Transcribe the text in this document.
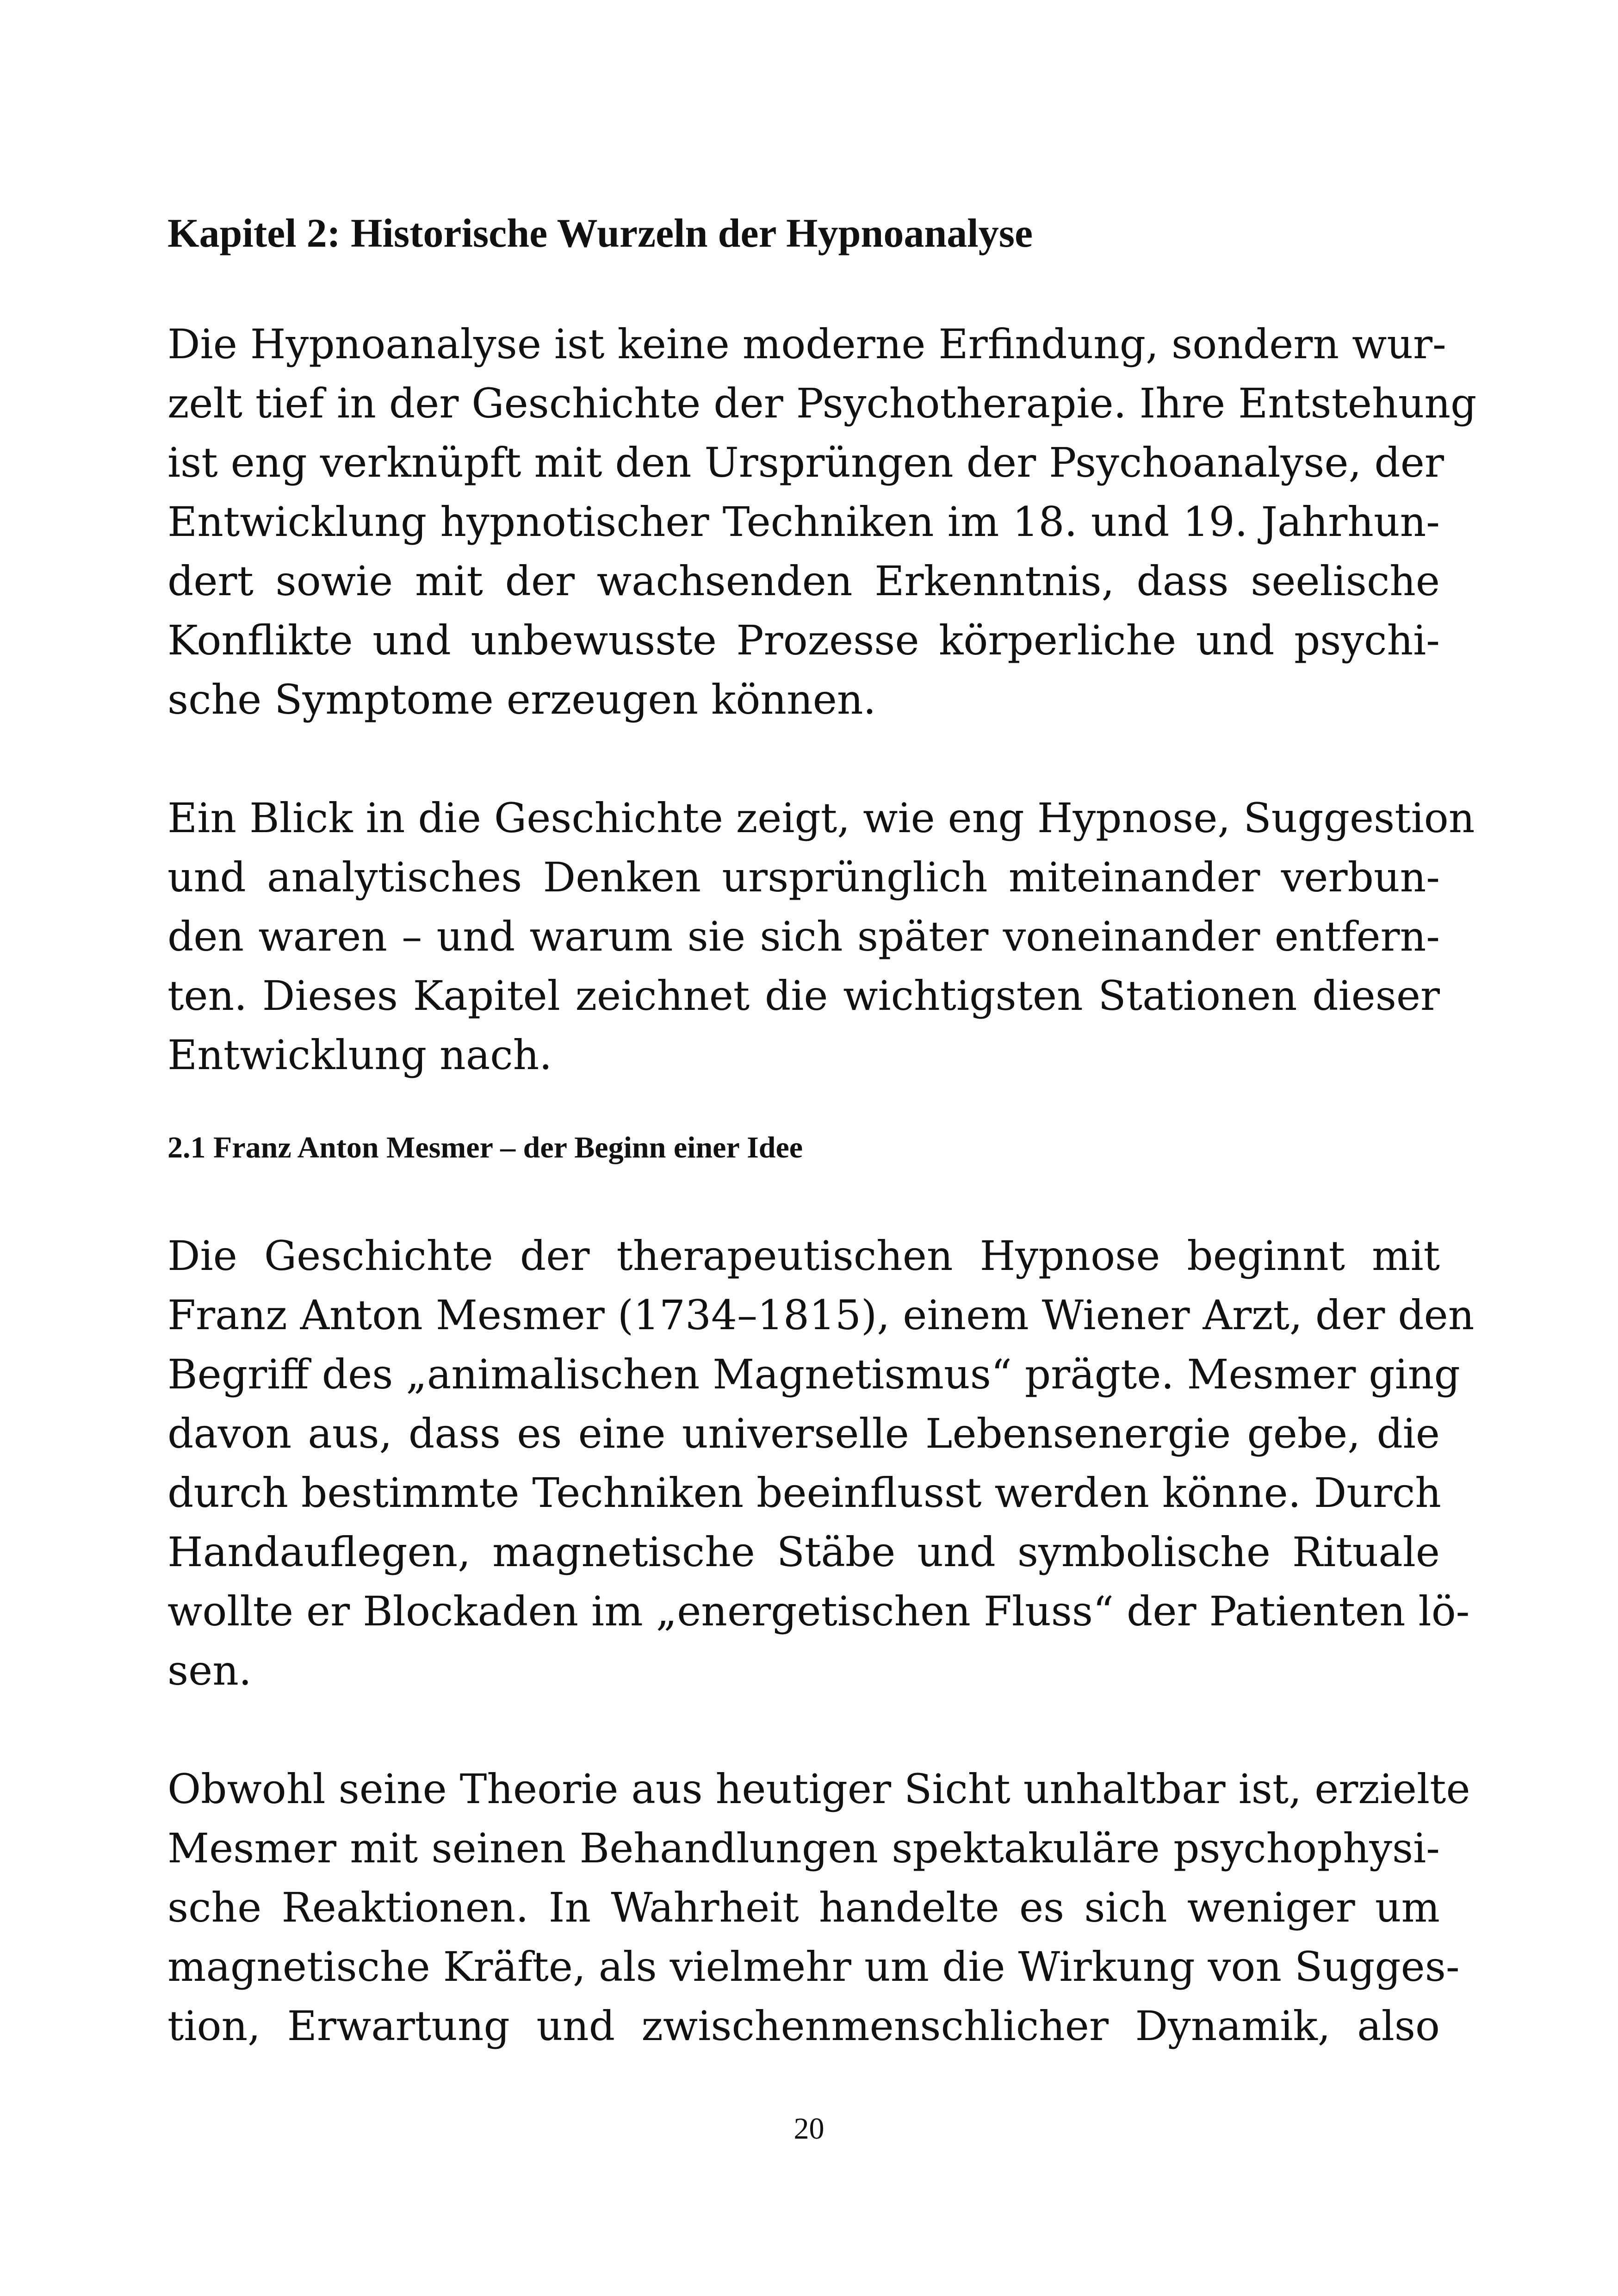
Kapitel 2: Historische Wurzeln der Hypnoanalyse

Die Hypnoanalyse ist keine moderne Erfindung, sondern wur-
zelt tief in der Geschichte der Psychotherapie. Ihre Entstehung
ist eng verknüpft mit den Ursprüngen der Psychoanalyse, der
Entwicklung hypnotischer Techniken im 18. und 19. Jahrhun-
dert sowie mit der wachsenden Erkenntnis, dass seelische
Konflikte und unbewusste Prozesse körperliche und psychi-
sche Symptome erzeugen können.

Ein Blick in die Geschichte zeigt, wie eng Hypnose, Suggestion
und analytisches Denken ursprünglich miteinander verbun-
den waren – und warum sie sich später voneinander entfern-
ten. Dieses Kapitel zeichnet die wichtigsten Stationen dieser
Entwicklung nach.

2.1 Franz Anton Mesmer – der Beginn einer Idee

Die Geschichte der therapeutischen Hypnose beginnt mit
Franz Anton Mesmer (1734–1815), einem Wiener Arzt, der den
Begriff des „animalischen Magnetismus“ prägte. Mesmer ging
davon aus, dass es eine universelle Lebensenergie gebe, die
durch bestimmte Techniken beeinflusst werden könne. Durch
Handauflegen, magnetische Stäbe und symbolische Rituale
wollte er Blockaden im „energetischen Fluss“ der Patienten lö-
sen.

Obwohl seine Theorie aus heutiger Sicht unhaltbar ist, erzielte
Mesmer mit seinen Behandlungen spektakuläre psychophysi-
sche Reaktionen. In Wahrheit handelte es sich weniger um
magnetische Kräfte, als vielmehr um die Wirkung von Sugges-
tion, Erwartung und zwischenmenschlicher Dynamik, also

20
